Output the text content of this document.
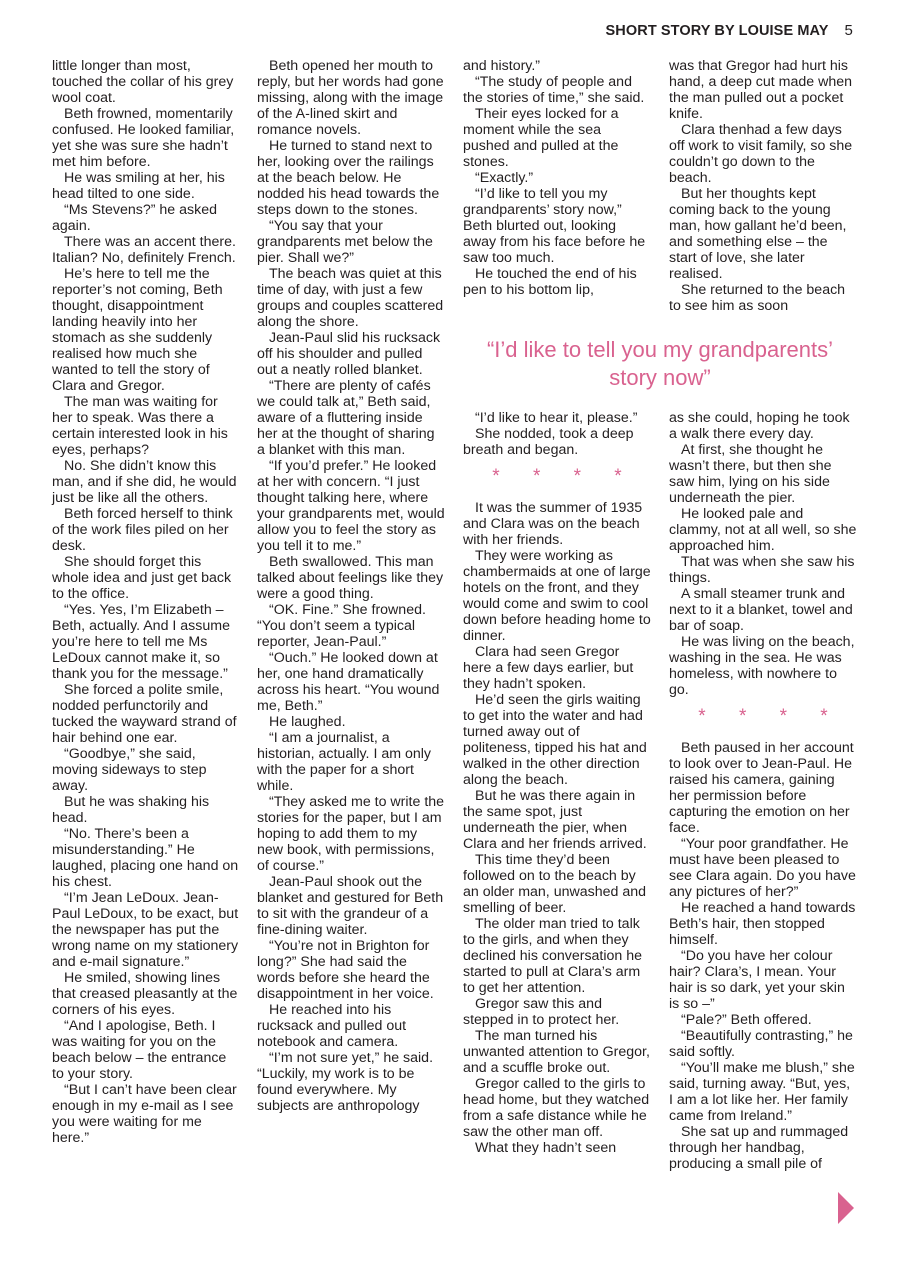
SHORT STORY BY LOUISE MAY 5

little longer than most, touched the collar of his grey wool coat.

Beth frowned, momentarily confused. He looked familiar, yet she was sure she hadn’t met him before.

He was smiling at her, his head tilted to one side.

“Ms Stevens?” he asked again.

There was an accent there. Italian? No, definitely French.

He’s here to tell me the reporter’s not coming, Beth thought, disappointment landing heavily into her stomach as she suddenly realised how much she wanted to tell the story of Clara and Gregor.

The man was waiting for her to speak. Was there a certain interested look in his eyes, perhaps?

No. She didn’t know this man, and if she did, he would just be like all the others.

Beth forced herself to think of the work files piled on her desk.

She should forget this whole idea and just get back to the office.

“Yes. Yes, I’m Elizabeth – Beth, actually. And I assume you’re here to tell me Ms LeDoux cannot make it, so thank you for the message.”

She forced a polite smile, nodded perfunctorily and tucked the wayward strand of hair behind one ear.

“Goodbye,” she said, moving sideways to step away.

But he was shaking his head.

“No. There’s been a misunderstanding.” He laughed, placing one hand on his chest.

“I’m Jean LeDoux. Jean-Paul LeDoux, to be exact, but the newspaper has put the wrong name on my stationery and e-mail signature.”

He smiled, showing lines that creased pleasantly at the corners of his eyes.

“And I apologise, Beth. I was waiting for you on the beach below – the entrance to your story.

“But I can’t have been clear enough in my e-mail as I see you were waiting for me here.”

Beth opened her mouth to reply, but her words had gone missing, along with the image of the A-lined skirt and romance novels.

He turned to stand next to her, looking over the railings at the beach below. He nodded his head towards the steps down to the stones.

“You say that your grandparents met below the pier. Shall we?”

The beach was quiet at this time of day, with just a few groups and couples scattered along the shore.

Jean-Paul slid his rucksack off his shoulder and pulled out a neatly rolled blanket.

“There are plenty of cafés we could talk at,” Beth said, aware of a fluttering inside her at the thought of sharing a blanket with this man.

“If you’d prefer.” He looked at her with concern. “I just thought talking here, where your grandparents met, would allow you to feel the story as you tell it to me.”

Beth swallowed. This man talked about feelings like they were a good thing.

“OK. Fine.” She frowned. “You don’t seem a typical reporter, Jean-Paul.”

“Ouch.” He looked down at her, one hand dramatically across his heart. “You wound me, Beth.”

He laughed.

“I am a journalist, a historian, actually. I am only with the paper for a short while.

“They asked me to write the stories for the paper, but I am hoping to add them to my new book, with permissions, of course.”

Jean-Paul shook out the blanket and gestured for Beth to sit with the grandeur of a fine-dining waiter.

“You’re not in Brighton for long?” She had said the words before she heard the disappointment in her voice.

He reached into his rucksack and pulled out notebook and camera.

“I’m not sure yet,” he said. “Luckily, my work is to be found everywhere. My subjects are anthropology

and history.”

“The study of people and the stories of time,” she said.

Their eyes locked for a moment while the sea pushed and pulled at the stones.

“Exactly.”

“I’d like to tell you my grandparents’ story now,” Beth blurted out, looking away from his face before he saw too much.

He touched the end of his pen to his bottom lip,

was that Gregor had hurt his hand, a deep cut made when the man pulled out a pocket knife.

Clara thenhad a few days off work to visit family, so she couldn’t go down to the beach.

But her thoughts kept coming back to the young man, how gallant he’d been, and something else – the start of love, she later realised.

She returned to the beach to see him as soon

“I’d like to tell you my grandparents’ story now”

“I’d like to hear it, please.”

She nodded, took a deep breath and began.

* * * *

It was the summer of 1935 and Clara was on the beach with her friends.

They were working as chambermaids at one of large hotels on the front, and they would come and swim to cool down before heading home to dinner.

Clara had seen Gregor here a few days earlier, but they hadn’t spoken.

He’d seen the girls waiting to get into the water and had turned away out of politeness, tipped his hat and walked in the other direction along the beach.

But he was there again in the same spot, just underneath the pier, when Clara and her friends arrived.

This time they’d been followed on to the beach by an older man, unwashed and smelling of beer.

The older man tried to talk to the girls, and when they declined his conversation he started to pull at Clara’s arm to get her attention.

Gregor saw this and stepped in to protect her.

The man turned his unwanted attention to Gregor, and a scuffle broke out.

Gregor called to the girls to head home, but they watched from a safe distance while he saw the other man off.

What they hadn’t seen

as she could, hoping he took a walk there every day.

At first, she thought he wasn’t there, but then she saw him, lying on his side underneath the pier.

He looked pale and clammy, not at all well, so she approached him.

That was when she saw his things.

A small steamer trunk and next to it a blanket, towel and bar of soap.

He was living on the beach, washing in the sea. He was homeless, with nowhere to go.

* * * *

Beth paused in her account to look over to Jean-Paul. He raised his camera, gaining her permission before capturing the emotion on her face.

“Your poor grandfather. He must have been pleased to see Clara again. Do you have any pictures of her?”

He reached a hand towards Beth’s hair, then stopped himself.

“Do you have her colour hair? Clara’s, I mean. Your hair is so dark, yet your skin is so –”

“Pale?” Beth offered.

“Beautifully contrasting,” he said softly.

“You’ll make me blush,” she said, turning away. “But, yes, I am a lot like her. Her family came from Ireland.”

She sat up and rummaged through her handbag, producing a small pile of
